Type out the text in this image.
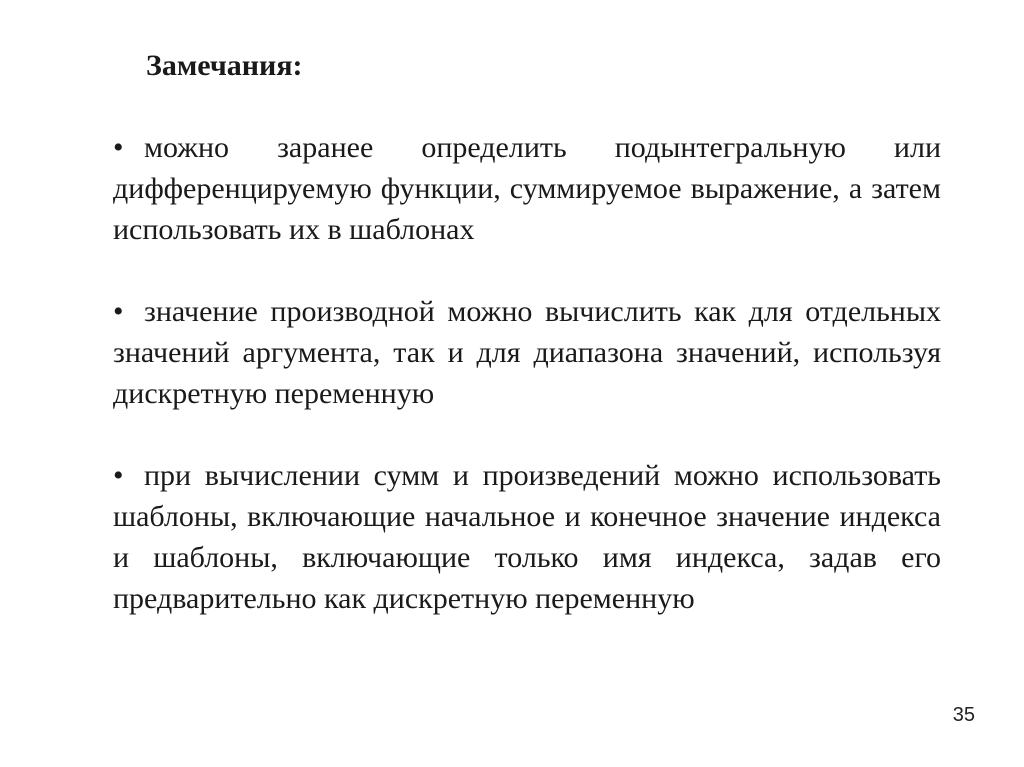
Замечания:

• можно заранее определить подынтегральную или дифференцируемую функции, суммируемое выражение, а затем использовать их в шаблонах

• значение производной можно вычислить как для отдельных значений аргумента, так и для диапазона значений, используя дискретную переменную

• при вычислении сумм и произведений можно использовать шаблоны, включающие начальное и конечное значение индекса и шаблоны, включающие только имя индекса, задав его предварительно как дискретную переменную

35
